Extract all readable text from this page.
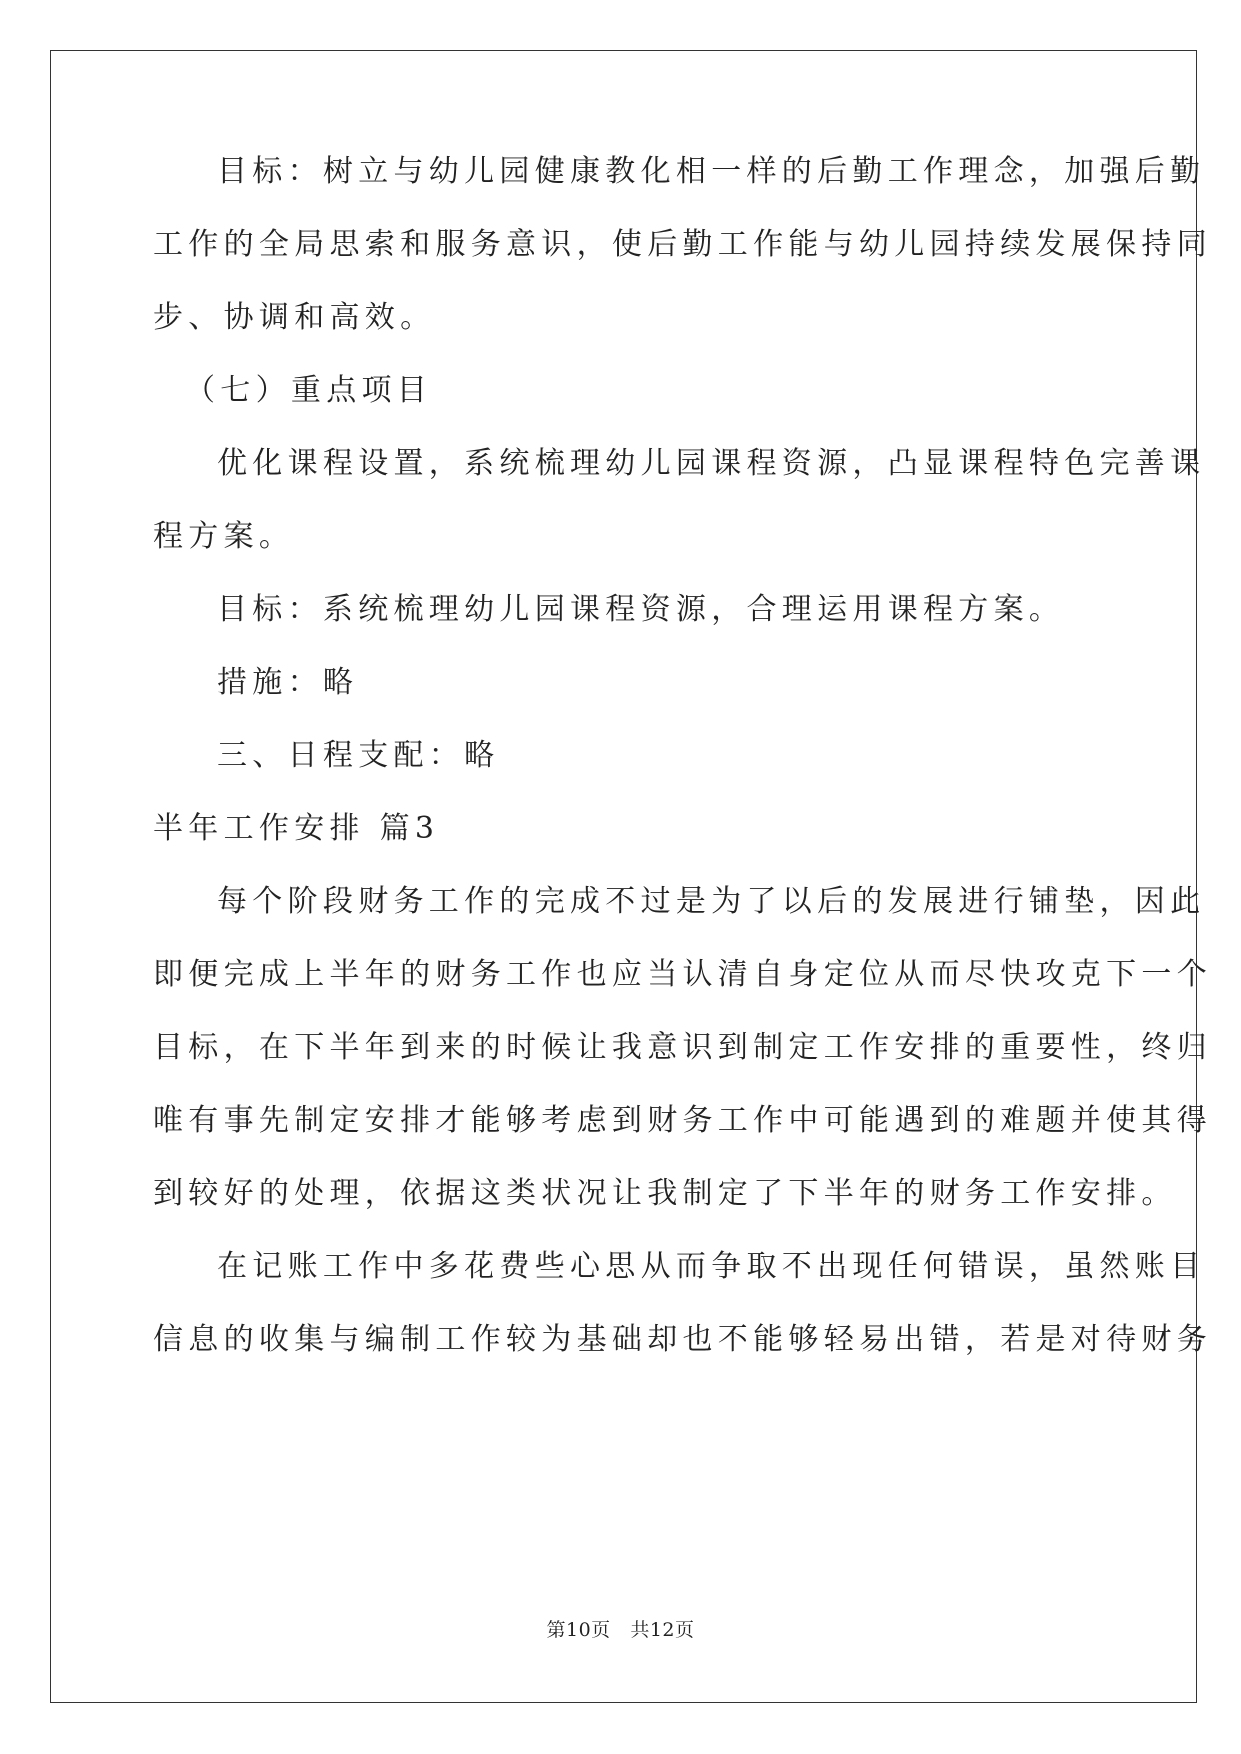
目标：树立与幼儿园健康教化相一样的后勤工作理念，加强后勤
工作的全局思索和服务意识，使后勤工作能与幼儿园持续发展保持同
步、协调和高效。
（七）重点项目
优化课程设置，系统梳理幼儿园课程资源，凸显课程特色完善课
程方案。
目标：系统梳理幼儿园课程资源，合理运用课程方案。
措施：略
三、日程支配：略
半年工作安排 篇3
每个阶段财务工作的完成不过是为了以后的发展进行铺垫，因此
即便完成上半年的财务工作也应当认清自身定位从而尽快攻克下一个
目标，在下半年到来的时候让我意识到制定工作安排的重要性，终归
唯有事先制定安排才能够考虑到财务工作中可能遇到的难题并使其得
到较好的处理，依据这类状况让我制定了下半年的财务工作安排。
在记账工作中多花费些心思从而争取不出现任何错误，虽然账目
信息的收集与编制工作较为基础却也不能够轻易出错，若是对待财务
第10页 共12页
